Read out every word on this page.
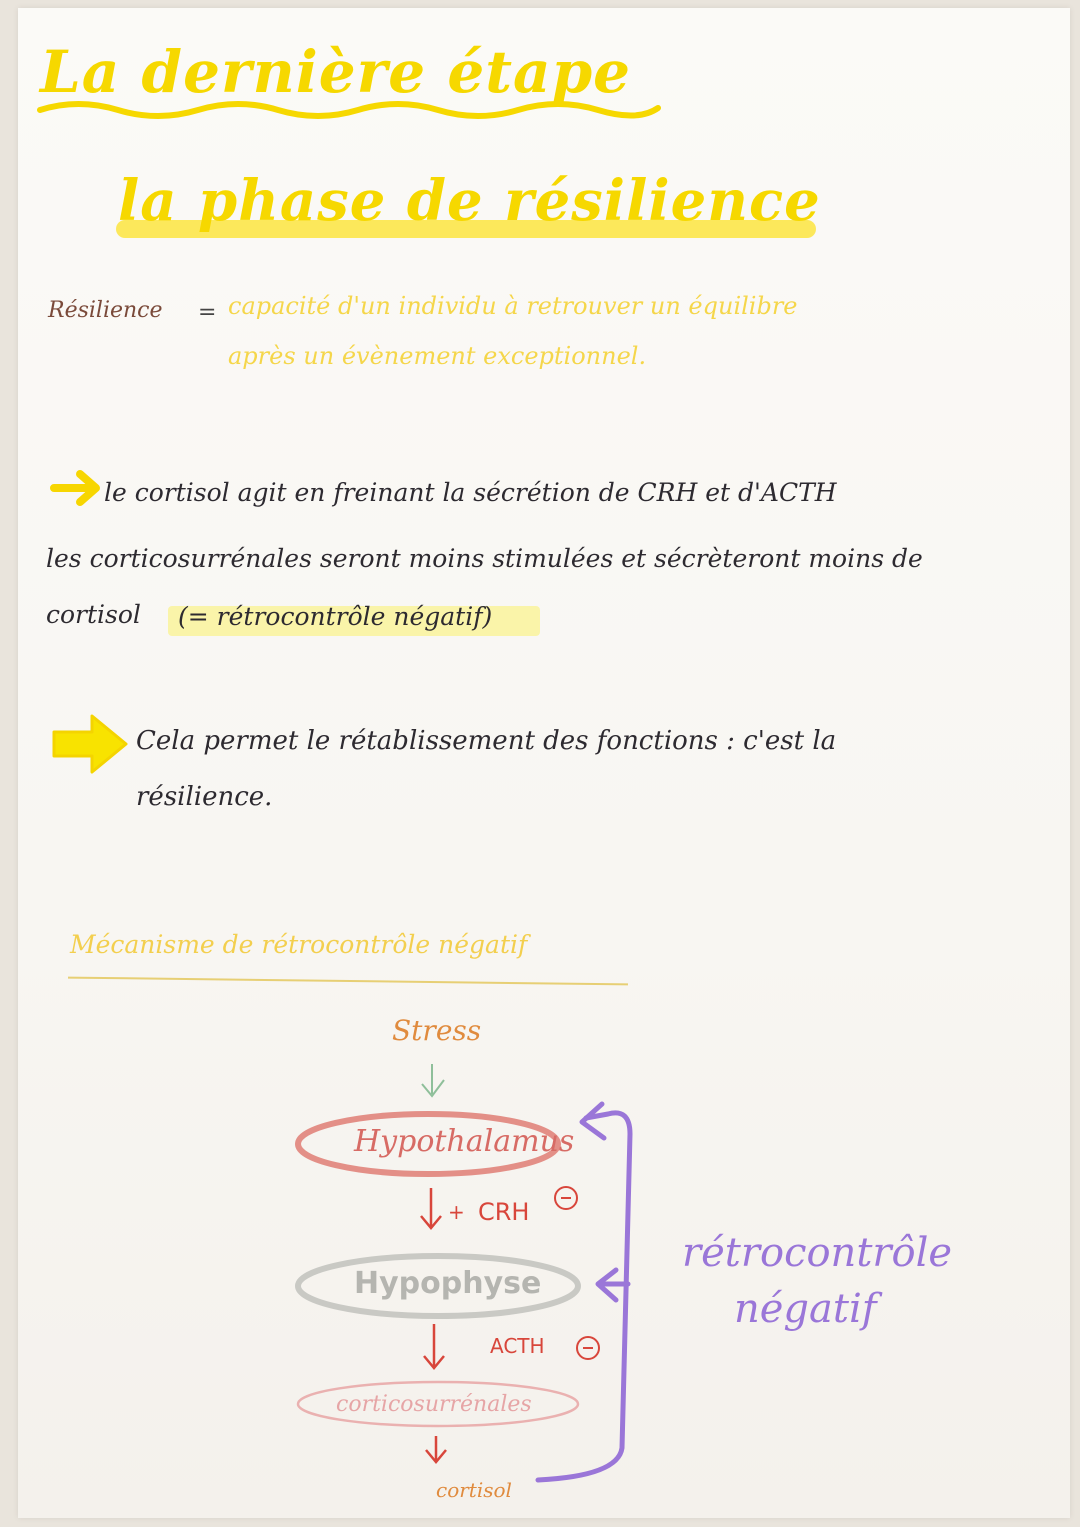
La dernière étape
la phase de résilience
Résilience = capacité d'un individu à retrouver un équilibre
après un évènement exceptionnel.
le cortisol agit en freinant la sécrétion de CRH et d'ACTH
les corticosurrénales seront moins stimulées et sécrèteront moins de
cortisol (= rétrocontrôle négatif)
Cela permet le rétablissement des fonctions : c'est la
résilience.
Mécanisme de rétrocontrôle négatif
Stress
Hypothalamus
+ CRH
Hypophyse
ACTH
corticosurrénales
cortisol
rétrocontrôle
négatif
